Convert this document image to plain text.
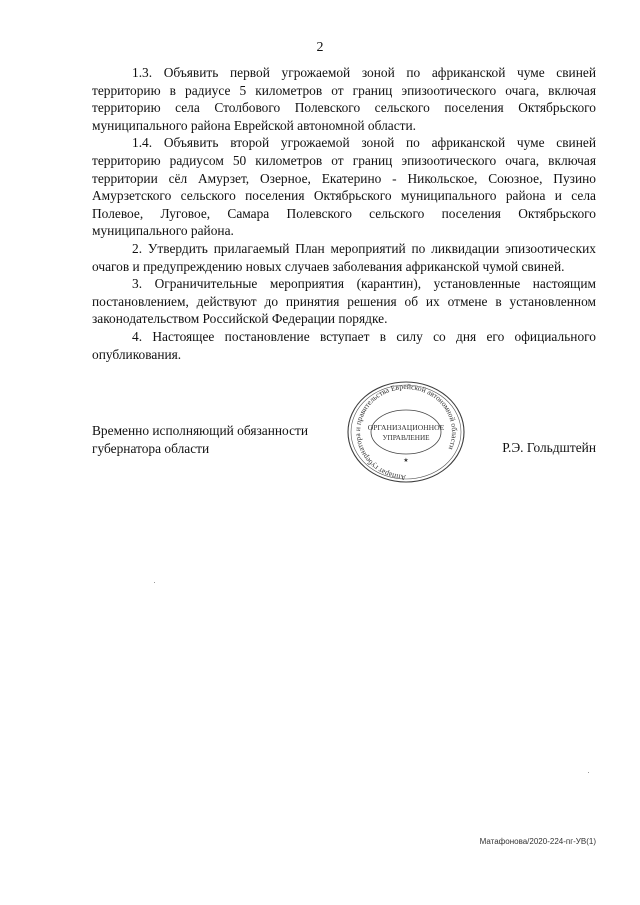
2

1.3. Объявить первой угрожаемой зоной по африканской чуме свиней территорию в радиусе 5 километров от границ эпизоотического очага, включая территорию села Столбового Полевского сельского поселения Октябрьского муниципального района Еврейской автономной области.

1.4. Объявить второй угрожаемой зоной по африканской чуме свиней территорию радиусом 50 километров от границ эпизоотического очага, включая территории сёл Амурзет, Озерное, Екатерино - Никольское, Союзное, Пузино Амурзетского сельского поселения Октябрьского муниципального района и села Полевое, Луговое, Самара Полевского сельского поселения Октябрьского муниципального района.

2. Утвердить прилагаемый План мероприятий по ликвидации эпизоотических очагов и предупреждению новых случаев заболевания африканской чумой свиней.

3. Ограничительные мероприятия (карантин), установленные настоящим постановлением, действуют до принятия решения об их отмене в установленном законодательством Российской Федерации порядке.

4. Настоящее постановление вступает в силу со дня его официального опубликования.

Временно исполняющий обязанности
губернатора области	Р.Э. Гольдштейн
Аппарат губернатора и правительства Еврейской автономной области
ОРГАНИЗАЦИОННОЕ
УПРАВЛЕНИЕ
★
Матафонова/2020-224-пг-УВ(1)
